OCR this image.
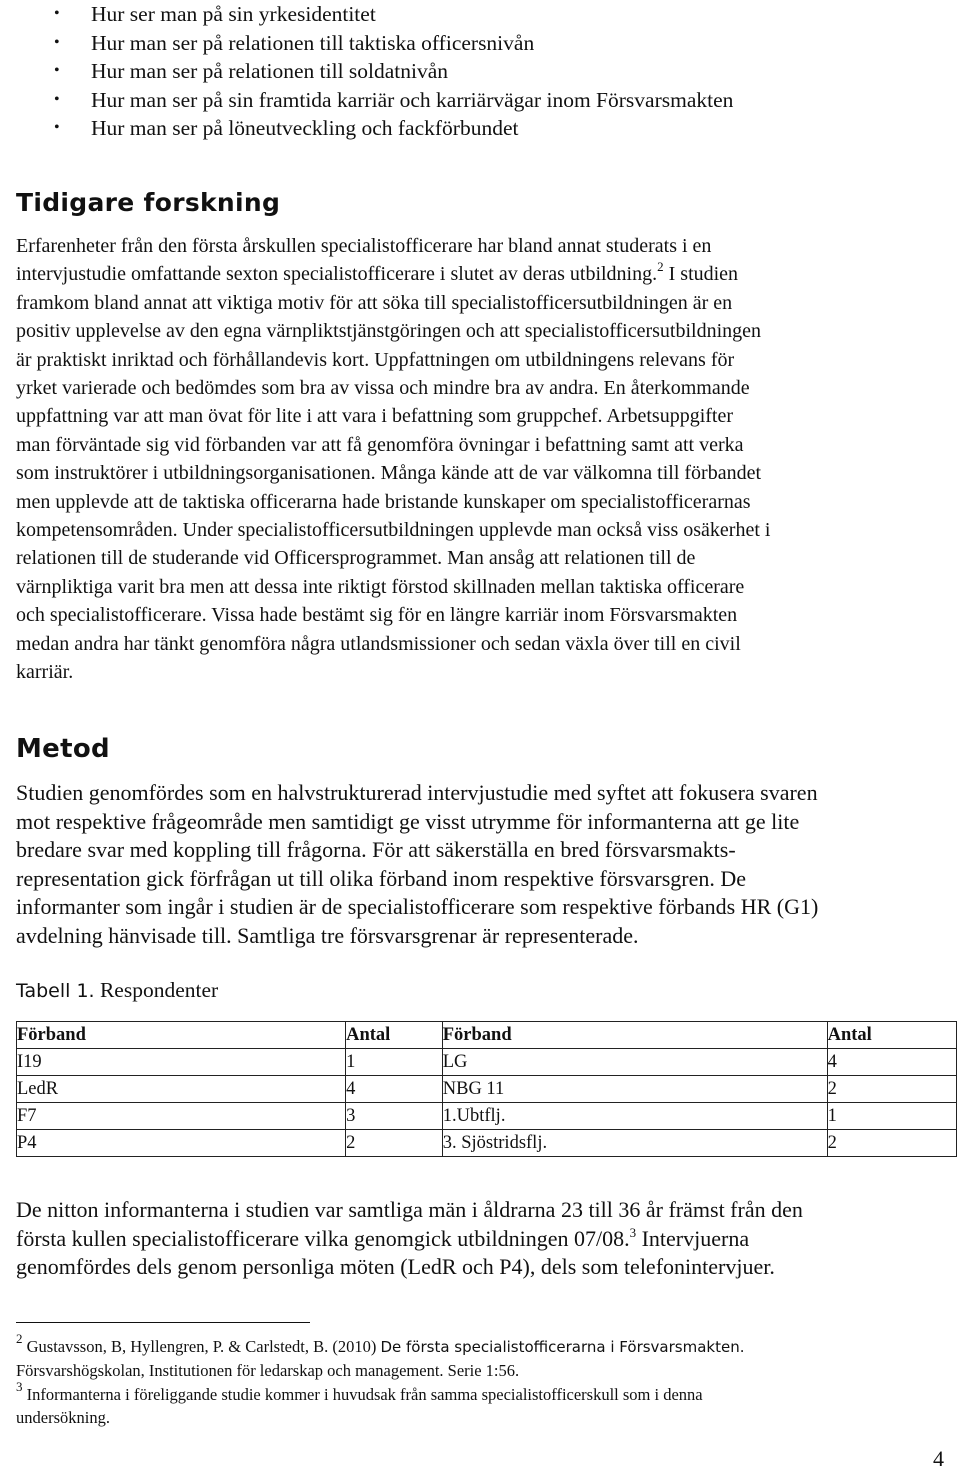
• Hur ser man på sin yrkesidentitet
• Hur man ser på relationen till taktiska officersnivån
• Hur man ser på relationen till soldatnivån
• Hur man ser på sin framtida karriär och karriärvägar inom Försvarsmakten
• Hur man ser på löneutveckling och fackförbundet
Tidigare forskning
Erfarenheter från den första årskullen specialistofficerare har bland annat studerats i en
intervjustudie omfattande sexton specialistofficerare i slutet av deras utbildning.$^2$ I studien
framkom bland annat att viktiga motiv för att söka till specialistofficersutbildningen är en
positiv upplevelse av den egna värnpliktstjänstgöringen och att specialistofficersutbildningen
är praktiskt inriktad och förhållandevis kort. Uppfattningen om utbildningens relevans för
yrket varierade och bedömdes som bra av vissa och mindre bra av andra. En återkommande
uppfattning var att man övat för lite i att vara i befattning som gruppchef. Arbetsuppgifter
man förväntade sig vid förbanden var att få genomföra övningar i befattning samt att verka
som instruktörer i utbildningsorganisationen. Många kände att de var välkomna till förbandet
men upplevde att de taktiska officerarna hade bristande kunskaper om specialistofficerarnas
kompetensområden. Under specialistofficersutbildningen upplevde man också viss osäkerhet i
relationen till de studerande vid Officersprogrammet. Man ansåg att relationen till de
värnpliktiga varit bra men att dessa inte riktigt förstod skillnaden mellan taktiska officerare
och specialistofficerare. Vissa hade bestämt sig för en längre karriär inom Försvarsmakten
medan andra har tänkt genomföra några utlandsmissioner och sedan växla över till en civil
karriär.
Metod
Studien genomfördes som en halvstrukturerad intervjustudie med syftet att fokusera svaren
mot respektive frågeområde men samtidigt ge visst utrymme för informanterna att ge lite
bredare svar med koppling till frågorna. För att säkerställa en bred försvarsmakts-
representation gick förfrågan ut till olika förband inom respektive försvarsgren. De
informanter som ingår i studien är de specialistofficerare som respektive förbands HR (G1)
avdelning hänvisade till. Samtliga tre försvarsgrenar är representerade.
Tabell 1. Respondenter
Förband	Antal	Förband	Antal
I19	1	LG	4
LedR	4	NBG 11	2
F7	3	1.Ubtflj.	1
P4	2	3. Sjöstridsflj.	2
De nitton informanterna i studien var samtliga män i åldrarna 23 till 36 år främst från den
första kullen specialistofficerare vilka genomgick utbildningen 07/08.$^3$ Intervjuerna
genomfördes dels genom personliga möten (LedR och P4), dels som telefonintervjuer.
$^2$ Gustavsson, B, Hyllengren, P. & Carlstedt, B. (2010) De första specialistofficerarna i Försvarsmakten.
Försvarshögskolan, Institutionen för ledarskap och management. Serie 1:56.
$^3$ Informanterna i föreliggande studie kommer i huvudsak från samma specialistofficerskull som i denna
undersökning.
4
